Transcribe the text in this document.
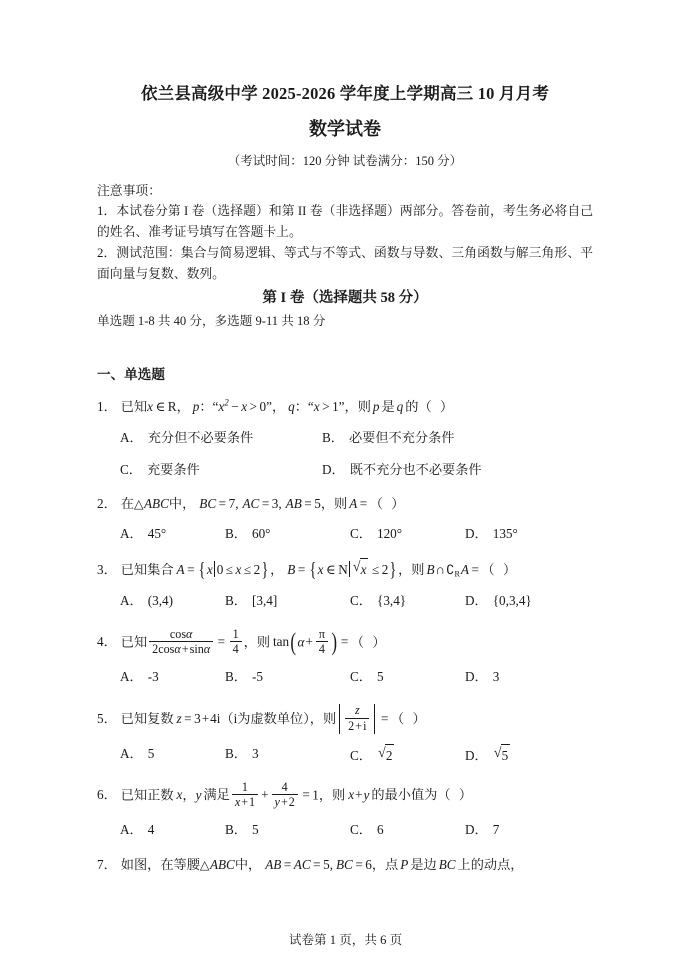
依兰县高级中学 2025-2026 学年度上学期高三 10 月月考
数学试卷
（考试时间：120 分钟 试卷满分：150 分）
注意事项：
1．本试卷分第 I 卷（选择题）和第 II 卷（非选择题）两部分。答卷前，考生务必将自己的姓名、准考证号填写在答题卡上。
2．测试范围：集合与简易逻辑、等式与不等式、函数与导数、三角函数与解三角形、平面向量与复数、数列。
第 I 卷（选择题共 58 分）
单选题 1-8 共 40 分，多选题 9-11 共 18 分
一、单选题
1． 已知x ∈ R， p：“$x^2 - x > 0$”， q：“x > 1”，则 p 是 q 的（  ）
A． 充分但不必要条件	B． 必要但不充分条件
C． 充要条件	D． 既不充分也不必要条件
2． 在△ABC中， BC = 7, AC = 3, AB = 5，则 A = （  ）
A． 45°	B． 60°	C． 120°	D． 135°
3． 已知集合 A = {x 0 ≤ x ≤ 2}， B = {x ∈ N √ x ≤ 2}，则 $B\cap∁_RA$ = （  ）
A． (3,4)	B． [3,4]	C． {3,4}	D． {0,3,4}
4． 已知 $\frac{\cos\alpha}{2\cos\alpha+\sin\alpha} = \frac{1}{4}$ ，则 $\tan(\alpha+ \frac{\pi}{4}$ ) = （  ）
A． -3	B． -5	C． 5	D． 3
5． 已知复数 z = 3+4i（i为虚数单位），则 $\frac{z}{2+i}$ = （  ）
A． 5	B． 3	C． √ 2	D． √ 5
6． 已知正数 x，y 满足 $\frac{1}{x+1} + \frac{4}{y+2} = 1$，则 x+y 的最小值为（  ）
A． 4	B． 5	C． 6	D． 7
7． 如图，在等腰△ABC中， AB = AC = 5, BC = 6，点 P 是边 BC 上的动点，
试卷第 1 页，共 6 页
